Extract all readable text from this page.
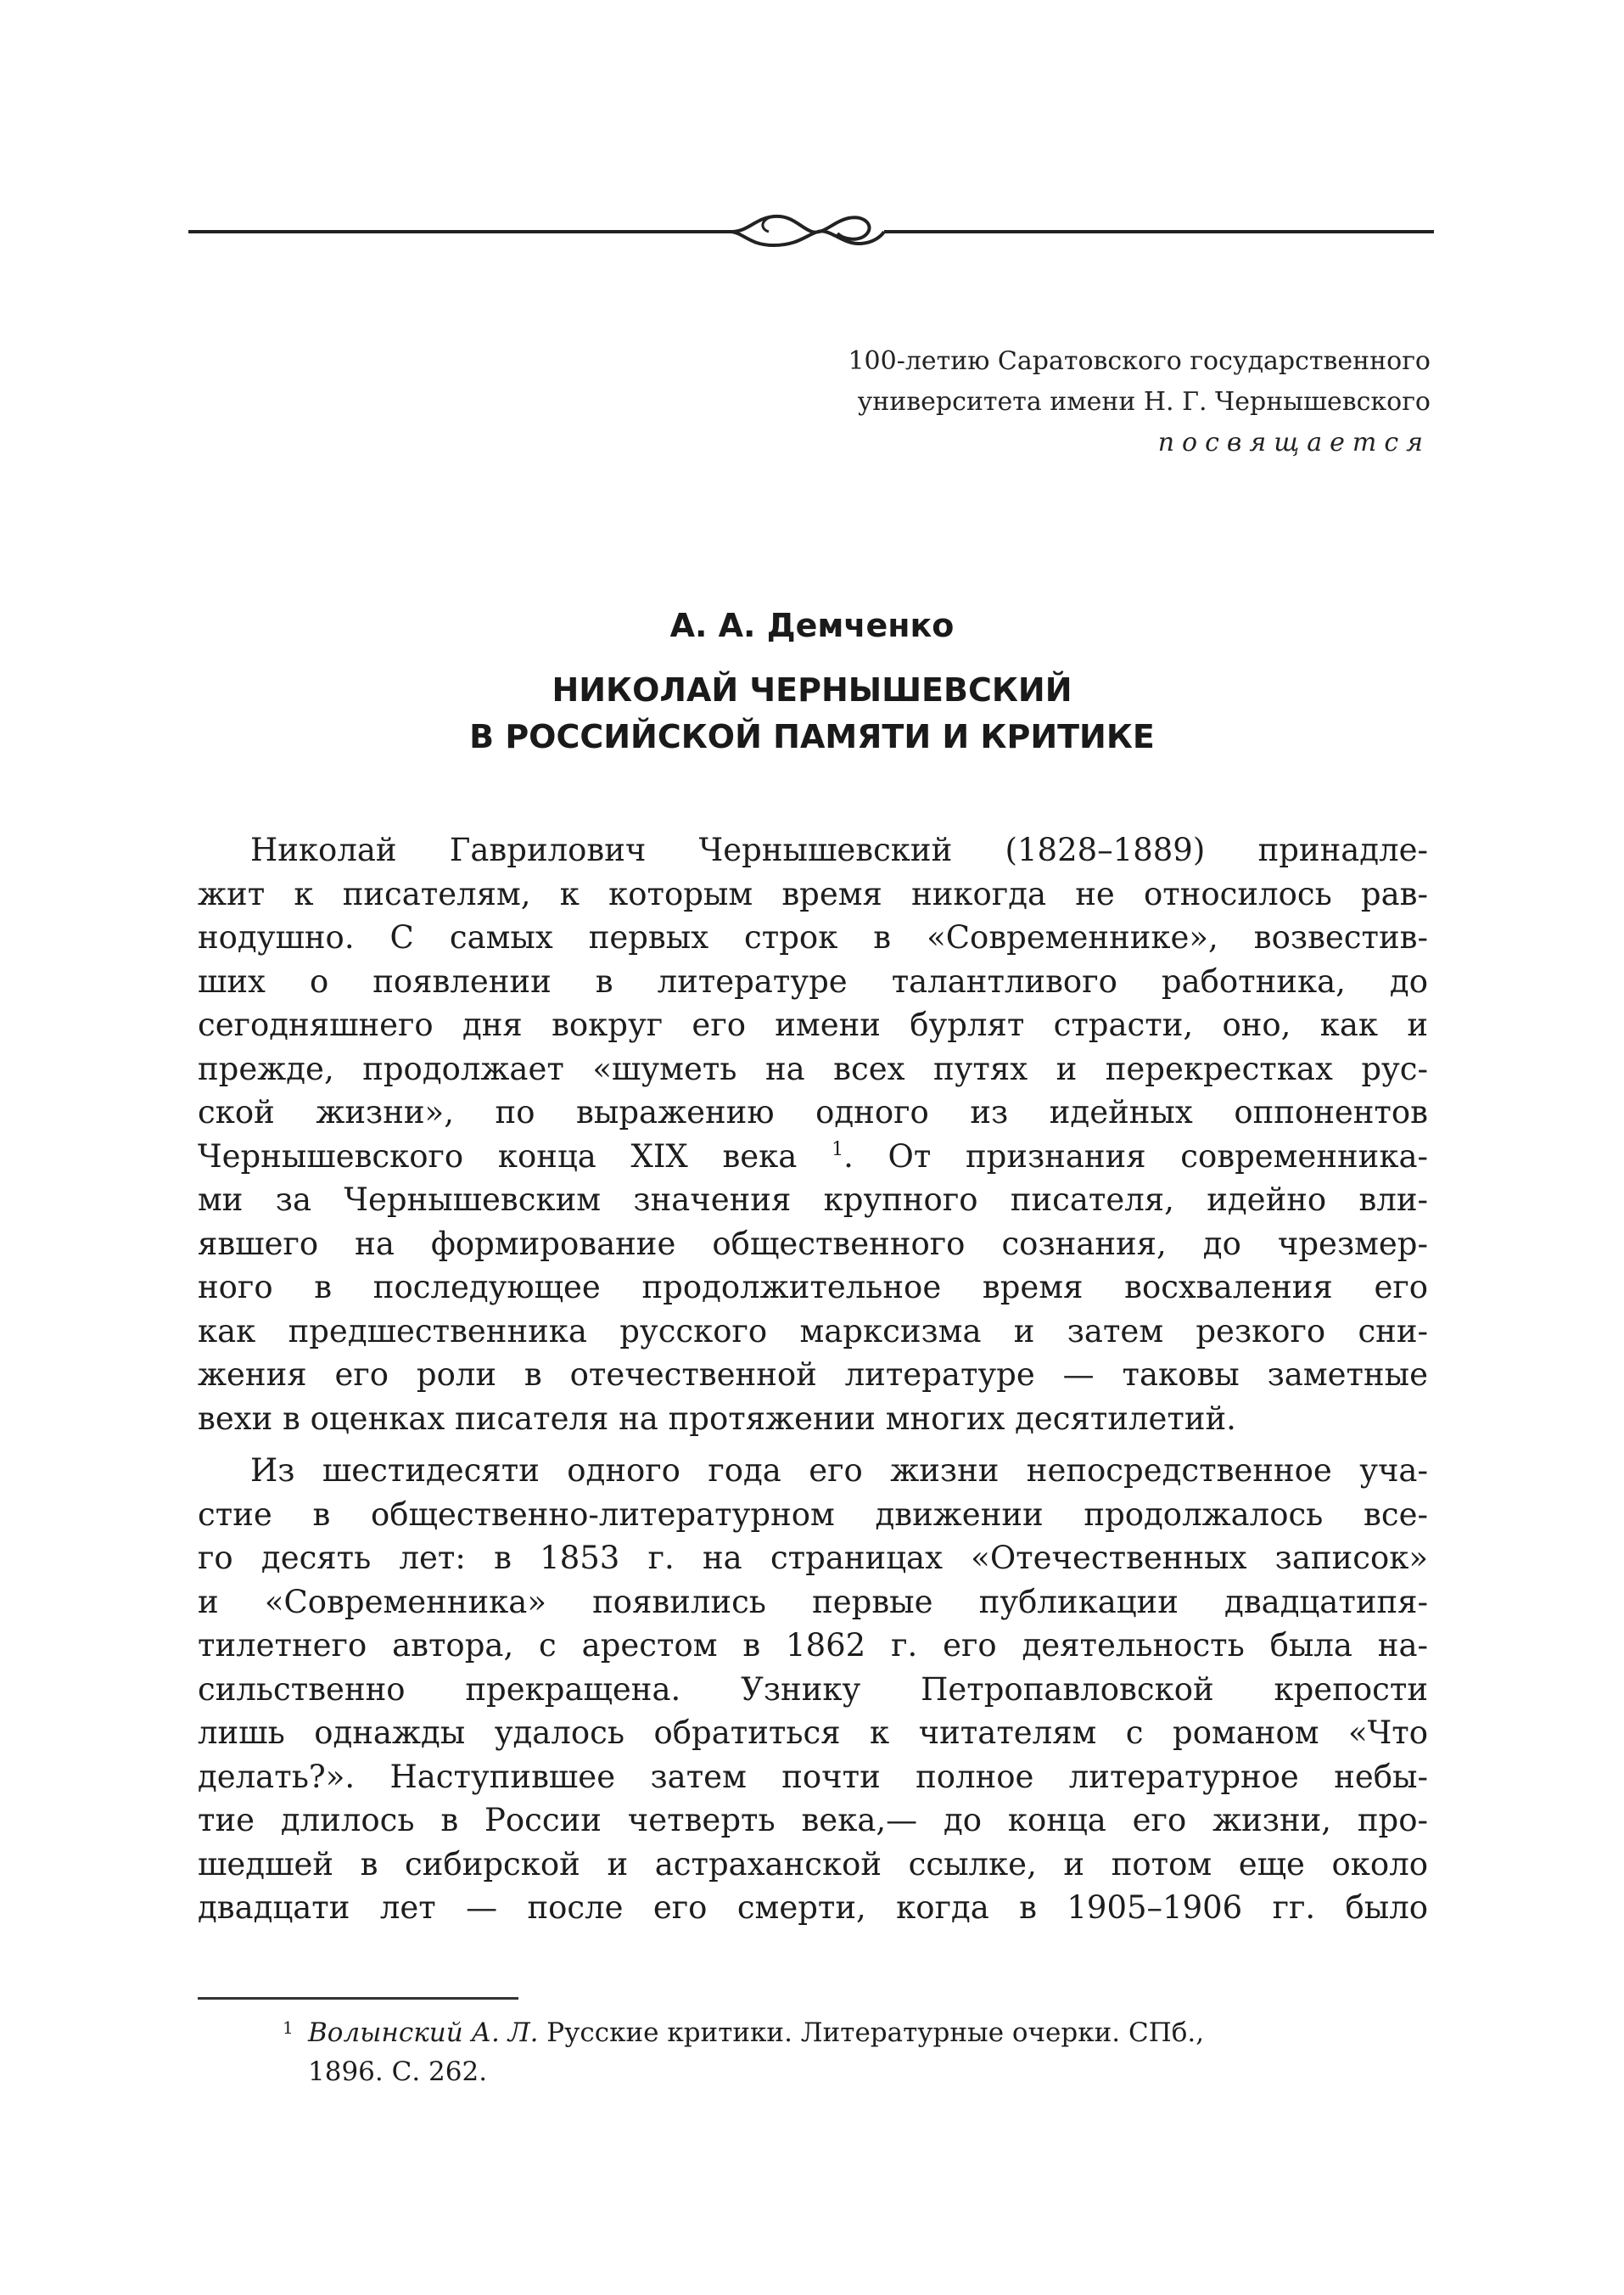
100-летию Саратовского государственного
университета имени Н. Г. Чернышевского
посвящается
А. А. Демченко
НИКОЛАЙ ЧЕРНЫШЕВСКИЙ
В РОССИЙСКОЙ ПАМЯТИ И КРИТИКЕ
Николай Гаврилович Чернышевский (1828–1889) принадле-
жит к писателям, к которым время никогда не относилось рав-
нодушно. С самых первых строк в «Современнике», возвестив-
ших о появлении в литературе талантливого работника, до
сегодняшнего дня вокруг его имени бурлят страсти, оно, как и
прежде, продолжает «шуметь на всех путях и перекрестках рус-
ской жизни», по выражению одного из идейных оппонентов
Чернышевского конца XIX века $^1$. От признания современника-
ми за Чернышевским значения крупного писателя, идейно вли-
явшего на формирование общественного сознания, до чрезмер-
ного в последующее продолжительное время восхваления его
как предшественника русского марксизма и затем резкого сни-
жения его роли в отечественной литературе — таковы заметные
вехи в оценках писателя на протяжении многих десятилетий.
Из шестидесяти одного года его жизни непосредственное уча-
стие в общественно-литературном движении продолжалось все-
го десять лет: в 1853 г. на страницах «Отечественных записок»
и «Современника» появились первые публикации двадцатипя-
тилетнего автора, с арестом в 1862 г. его деятельность была на-
сильственно прекращена. Узнику Петропавловской крепости
лишь однажды удалось обратиться к читателям с романом «Что
делать?». Наступившее затем почти полное литературное небы-
тие длилось в России четверть века,— до конца его жизни, про-
шедшей в сибирской и астраханской ссылке, и потом еще около
двадцати лет — после его смерти, когда в 1905–1906 гг. было
1 Волынский А. Л. Русские критики. Литературные очерки. СПб.,
1896. С. 262.
